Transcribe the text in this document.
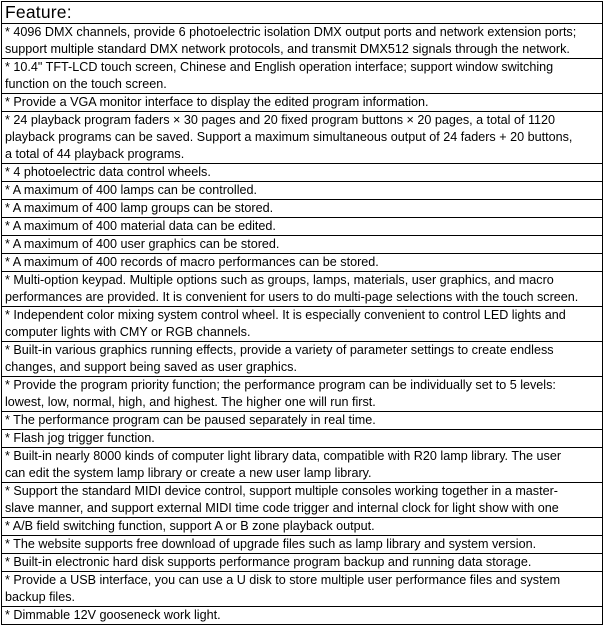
Feature:
* 4096 DMX channels, provide 6 photoelectric isolation DMX output ports and network extension ports;
support multiple standard DMX network protocols, and transmit DMX512 signals through the network.
* 10.4" TFT-LCD touch screen, Chinese and English operation interface; support window switching
function on the touch screen.
* Provide a VGA monitor interface to display the edited program information.
* 24 playback program faders × 30 pages and 20 fixed program buttons × 20 pages, a total of 1120
playback programs can be saved. Support a maximum simultaneous output of 24 faders + 20 buttons,
a total of 44 playback programs.
* 4 photoelectric data control wheels.
* A maximum of 400 lamps can be controlled.
* A maximum of 400 lamp groups can be stored.
* A maximum of 400 material data can be edited.
* A maximum of 400 user graphics can be stored.
* A maximum of 400 records of macro performances can be stored.
* Multi-option keypad. Multiple options such as groups, lamps, materials, user graphics, and macro
performances are provided. It is convenient for users to do multi-page selections with the touch screen.
* Independent color mixing system control wheel. It is especially convenient to control LED lights and
computer lights with CMY or RGB channels.
* Built-in various graphics running effects, provide a variety of parameter settings to create endless
changes, and support being saved as user graphics.
* Provide the program priority function; the performance program can be individually set to 5 levels:
lowest, low, normal, high, and highest. The higher one will run first.
* The performance program can be paused separately in real time.
* Flash jog trigger function.
* Built-in nearly 8000 kinds of computer light library data, compatible with R20 lamp library. The user
can edit the system lamp library or create a new user lamp library.
* Support the standard MIDI device control, support multiple consoles working together in a master-
slave manner, and support external MIDI time code trigger and internal clock for light show with one
* A/B field switching function, support A or B zone playback output.
* The website supports free download of upgrade files such as lamp library and system version.
* Built-in electronic hard disk supports performance program backup and running data storage.
* Provide a USB interface, you can use a U disk to store multiple user performance files and system
backup files.
* Dimmable 12V gooseneck work light.
